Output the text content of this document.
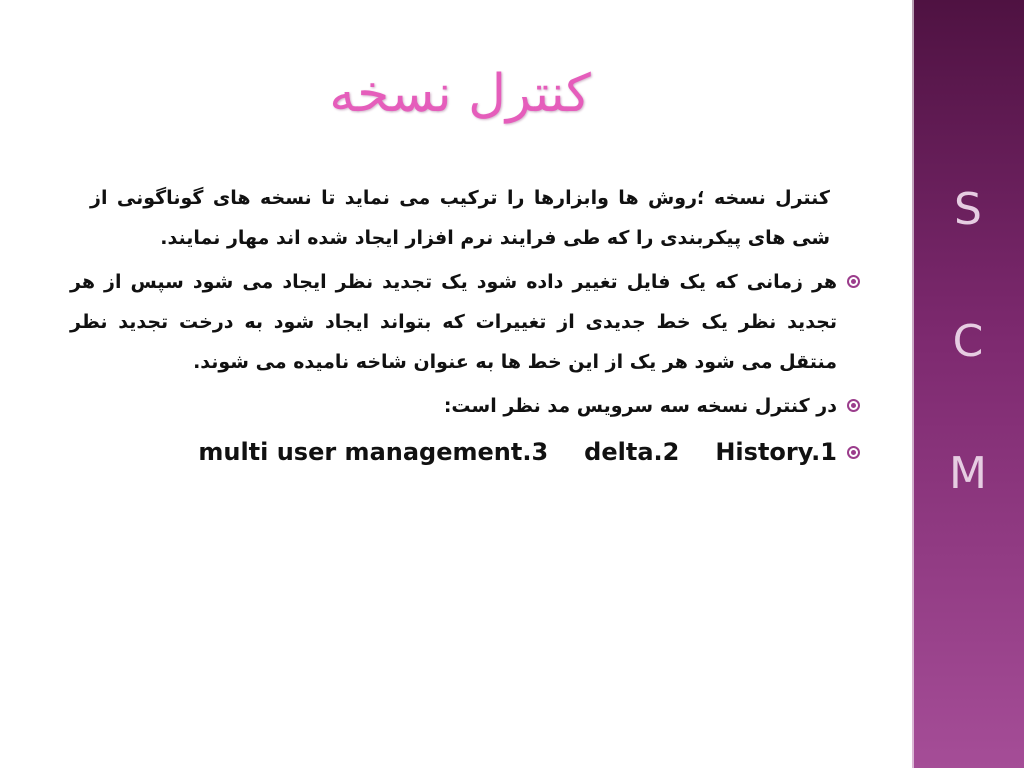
کنترل نسخه
کنترل نسخه ؛روش ها وابزارها را ترکیب می نماید تا نسخه های گوناگونی از شی های پیکربندی را که طی فرایند نرم افزار ایجاد شده اند مهار نمایند.
هر زمانی که یک فایل تغییر داده شود یک تجدید نظر ایجاد می شود سپس از هر تجدید نظر یک خط جدیدی از تغییرات که بتواند ایجاد شود به درخت تجدید نظر منتقل می شود هر یک از این خط ها به عنوان شاخه نامیده می شوند.
در کنترل نسخه سه سرویس مد نظر است:
multi user management.3 delta.2 History.1
S
C
M
